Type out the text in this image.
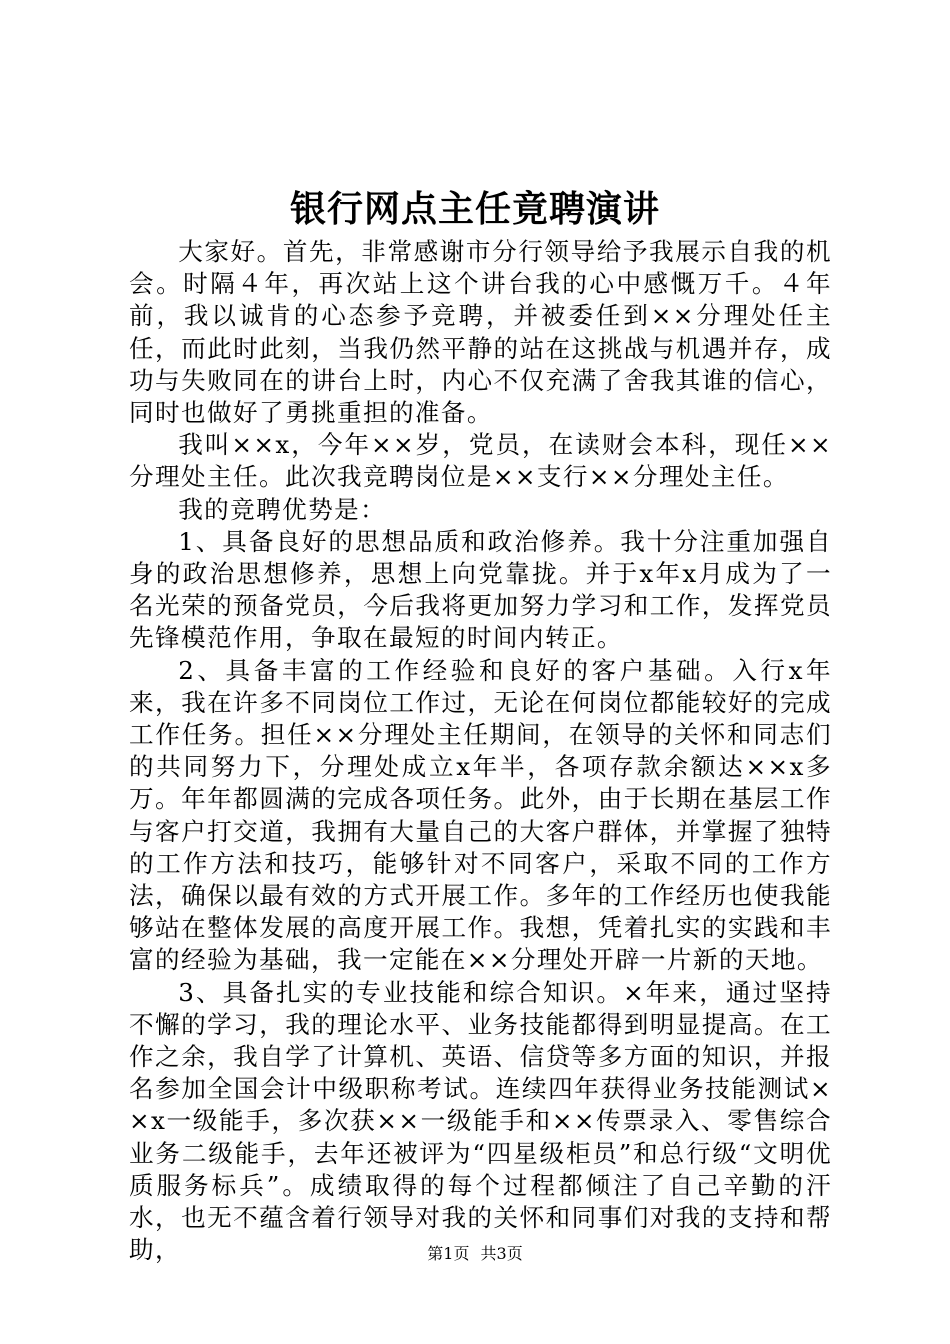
银行网点主任竟聘演讲

大家好。首先，非常感谢市分行领导给予我展示自我的机会。时隔４年，再次站上这个讲台我的心中感慨万千。４年前，我以诚肯的心态参予竞聘，并被委任到××分理处任主任，而此时此刻，当我仍然平静的站在这挑战与机遇并存，成功与失败同在的讲台上时，内心不仅充满了舍我其谁的信心，同时也做好了勇挑重担的准备。

我叫××x，今年××岁，党员，在读财会本科，现任××分理处主任。此次我竞聘岗位是××支行××分理处主任。

我的竞聘优势是：

1、具备良好的思想品质和政治修养。我十分注重加强自身的政治思想修养，思想上向党靠拢。并于x年x月成为了一名光荣的预备党员，今后我将更加努力学习和工作，发挥党员先锋模范作用，争取在最短的时间内转正。

2、具备丰富的工作经验和良好的客户基础。入行x年来，我在许多不同岗位工作过，无论在何岗位都能较好的完成工作任务。担任××分理处主任期间，在领导的关怀和同志们的共同努力下，分理处成立x年半，各项存款余额达××x多万。年年都圆满的完成各项任务。此外，由于长期在基层工作与客户打交道，我拥有大量自己的大客户群体，并掌握了独特的工作方法和技巧，能够针对不同客户，采取不同的工作方法，确保以最有效的方式开展工作。多年的工作经历也使我能够站在整体发展的高度开展工作。我想，凭着扎实的实践和丰富的经验为基础，我一定能在××分理处开辟一片新的天地。

3、具备扎实的专业技能和综合知识。×年来，通过坚持不懈的学习，我的理论水平、业务技能都得到明显提高。在工作之余，我自学了计算机、英语、信贷等多方面的知识，并报名参加全国会计中级职称考试。连续四年获得业务技能测试××x一级能手，多次获××一级能手和××传票录入、零售综合业务二级能手，去年还被评为“四星级柜员”和总行级“文明优质服务标兵”。成绩取得的每个过程都倾注了自己辛勤的汗水，也无不蕴含着行领导对我的关怀和同事们对我的支持和帮助，	第1页 共3页
